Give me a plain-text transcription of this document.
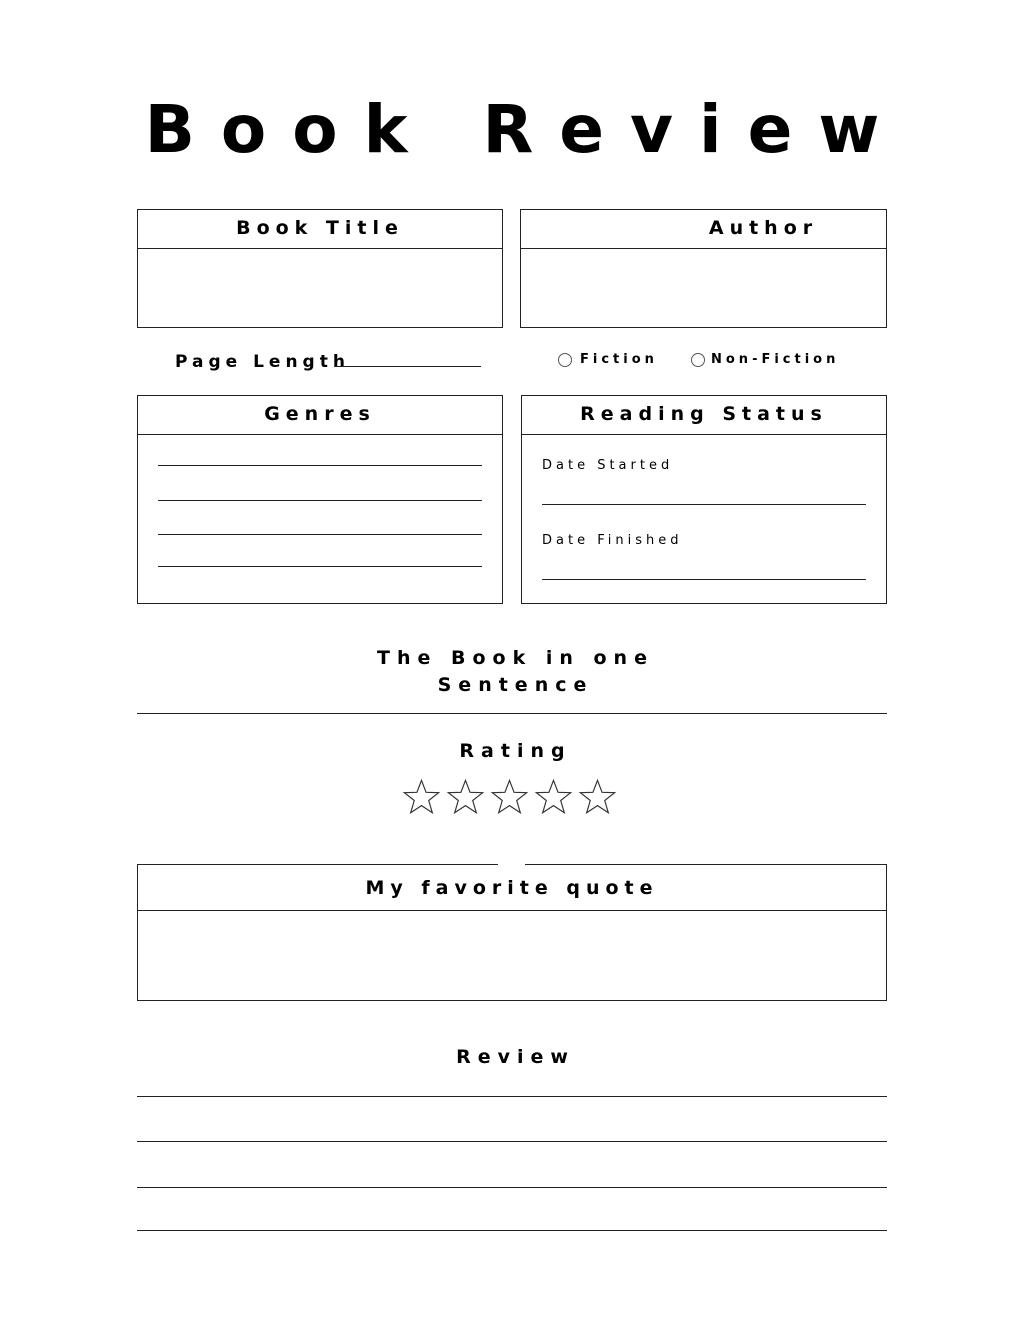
Book Review
Book Title	Author
Page Length	Fiction	Non-Fiction
Genres	Reading Status
Date Started
Date Finished
The Book in one
Sentence
Rating
My favorite quote
Review
